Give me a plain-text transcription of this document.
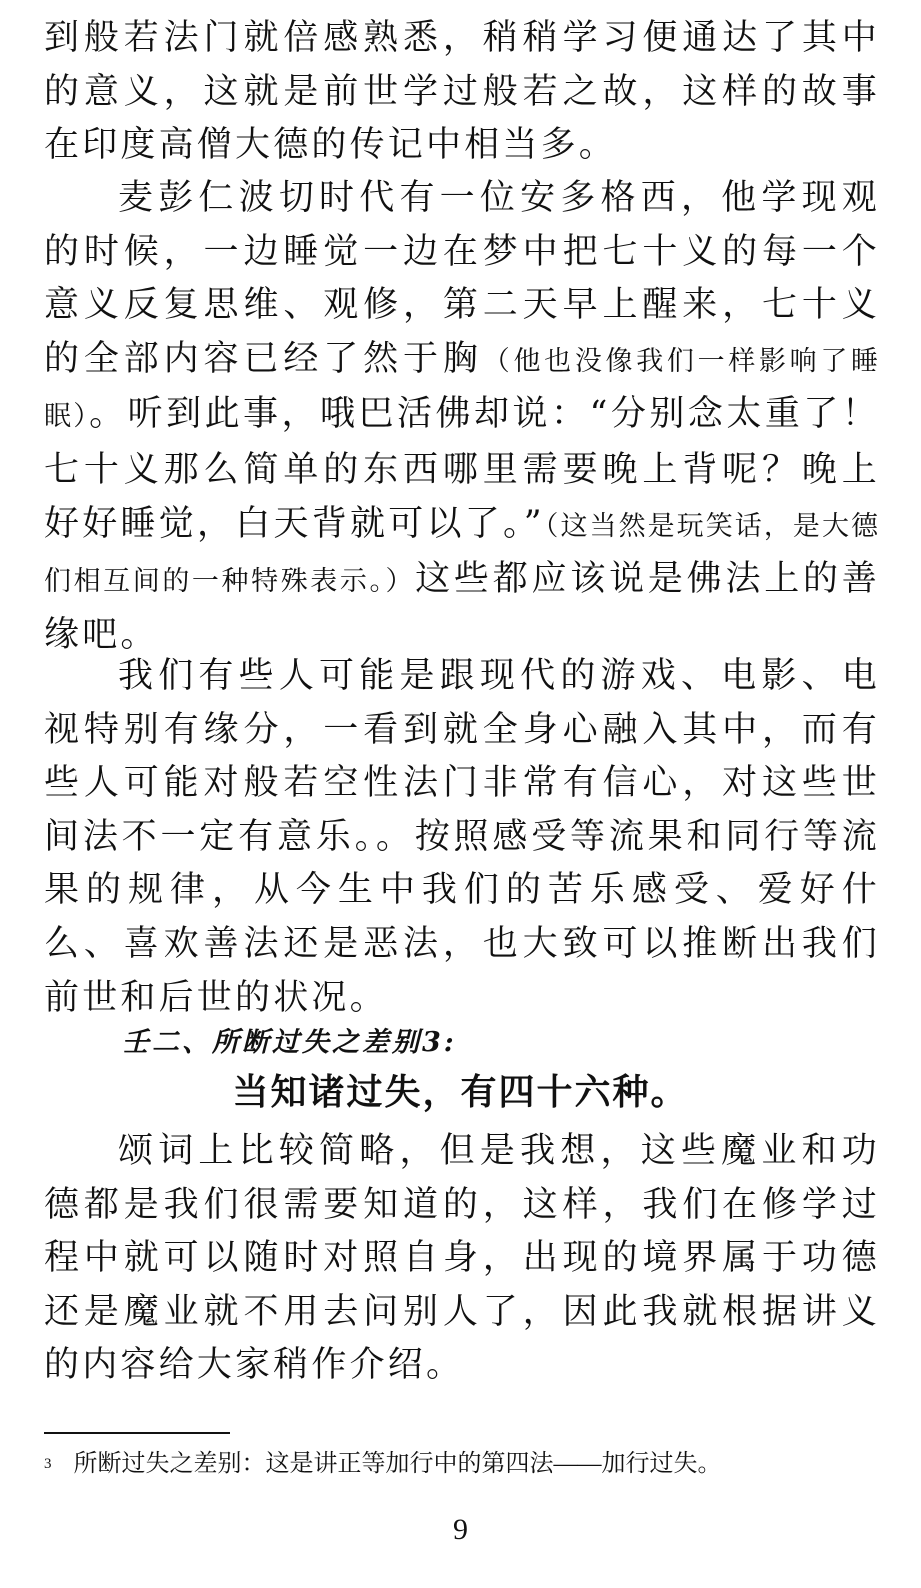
到般若法门就倍感熟悉，稍稍学习便通达了其中的意义，这就是前世学过般若之故，这样的故事在印度高僧大德的传记中相当多。

麦彭仁波切时代有一位安多格西，他学现观的时候，一边睡觉一边在梦中把七十义的每一个意义反复思维、观修，第二天早上醒来，七十义的全部内容已经了然于胸（他也没像我们一样影响了睡眠）。听到此事，哦巴活佛却说：“分别念太重了！七十义那么简单的东西哪里需要晚上背呢？晚上好好睡觉，白天背就可以了。”（这当然是玩笑话，是大德们相互间的一种特殊表示。）这些都应该说是佛法上的善缘吧。

我们有些人可能是跟现代的游戏、电影、电视特别有缘分，一看到就全身心融入其中，而有些人可能对般若空性法门非常有信心，对这些世间法不一定有意乐。。按照感受等流果和同行等流果的规律，从今生中我们的苦乐感受、爱好什么、喜欢善法还是恶法，也大致可以推断出我们前世和后世的状况。

壬二、所断过失之差别3:
当知诸过失，有四十六种。

颂词上比较简略，但是我想，这些魔业和功德都是我们很需要知道的，这样，我们在修学过程中就可以随时对照自身，出现的境界属于功德还是魔业就不用去问别人了，因此我就根据讲义的内容给大家稍作介绍。

$^3$ 所断过失之差别：这是讲正等加行中的第四法——加行过失。
9
